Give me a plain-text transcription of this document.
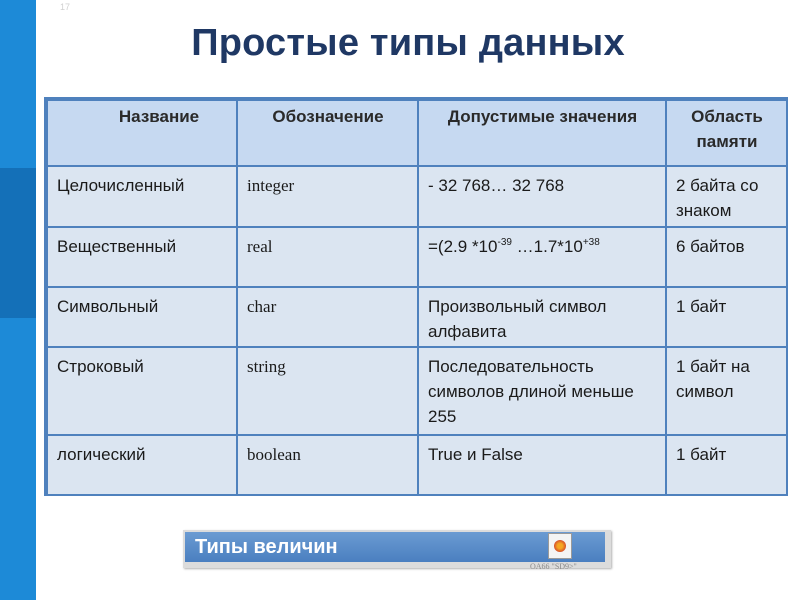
17
Простые типы данных
Название	Обозначение	Допустимые значения	Область памяти
Целочисленный	integer	- 32 768… 32 768	2 байта со знаком
Вещественный	real	=(2.9 $*10^{-39}$ $\dots 1.7*10^{+38}$	6 байтов
Символьный	char	Произвольный символ алфавита	1 байт
Строковый	string	Последовательность символов длиной меньше 255	1 байт на символ
логический	boolean	True и False	1 байт
Типы величин
OA66 "SD9>"
